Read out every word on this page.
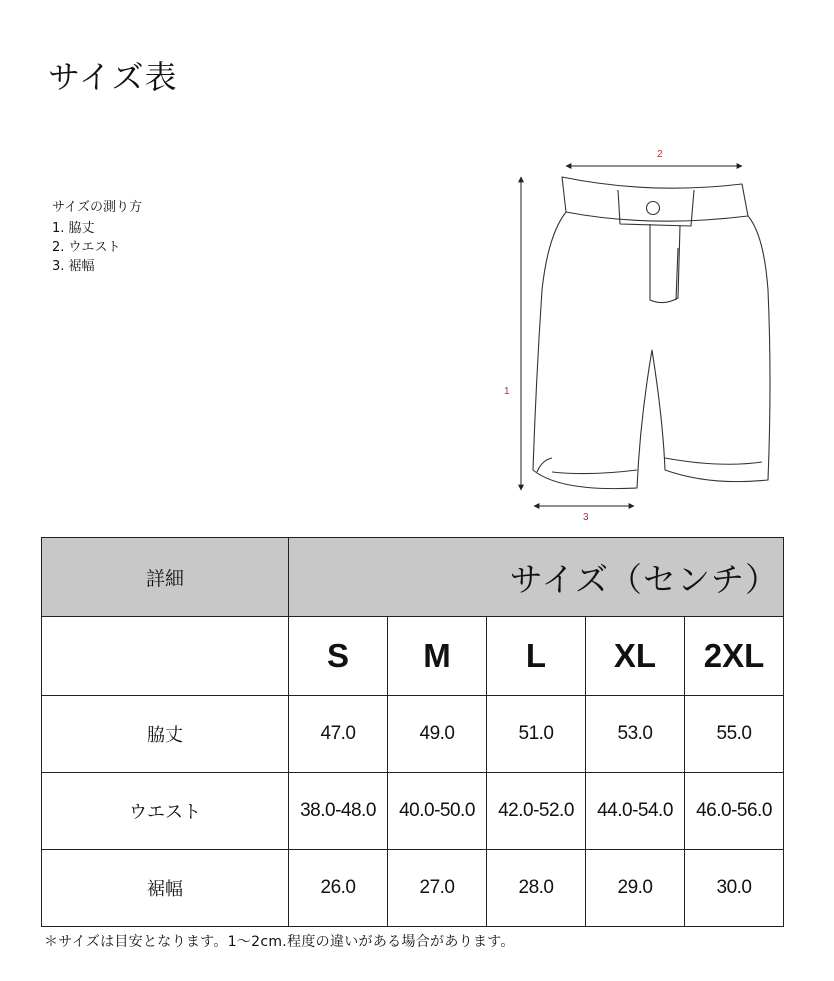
サイズ表
サイズの測り方
1. 脇丈
2. ウエスト
3. 裾幅
1
2
3
詳細	サイズ（センチ）				
	S	M	L	XL	2XL
脇丈	47.0	49.0	51.0	53.0	55.0
ウエスト	38.0-48.0	40.0-50.0	42.0-52.0	44.0-54.0	46.0-56.0
裾幅	26.0	27.0	28.0	29.0	30.0
＊サイズは目安となります。1～2cm.程度の違いがある場合があります。
